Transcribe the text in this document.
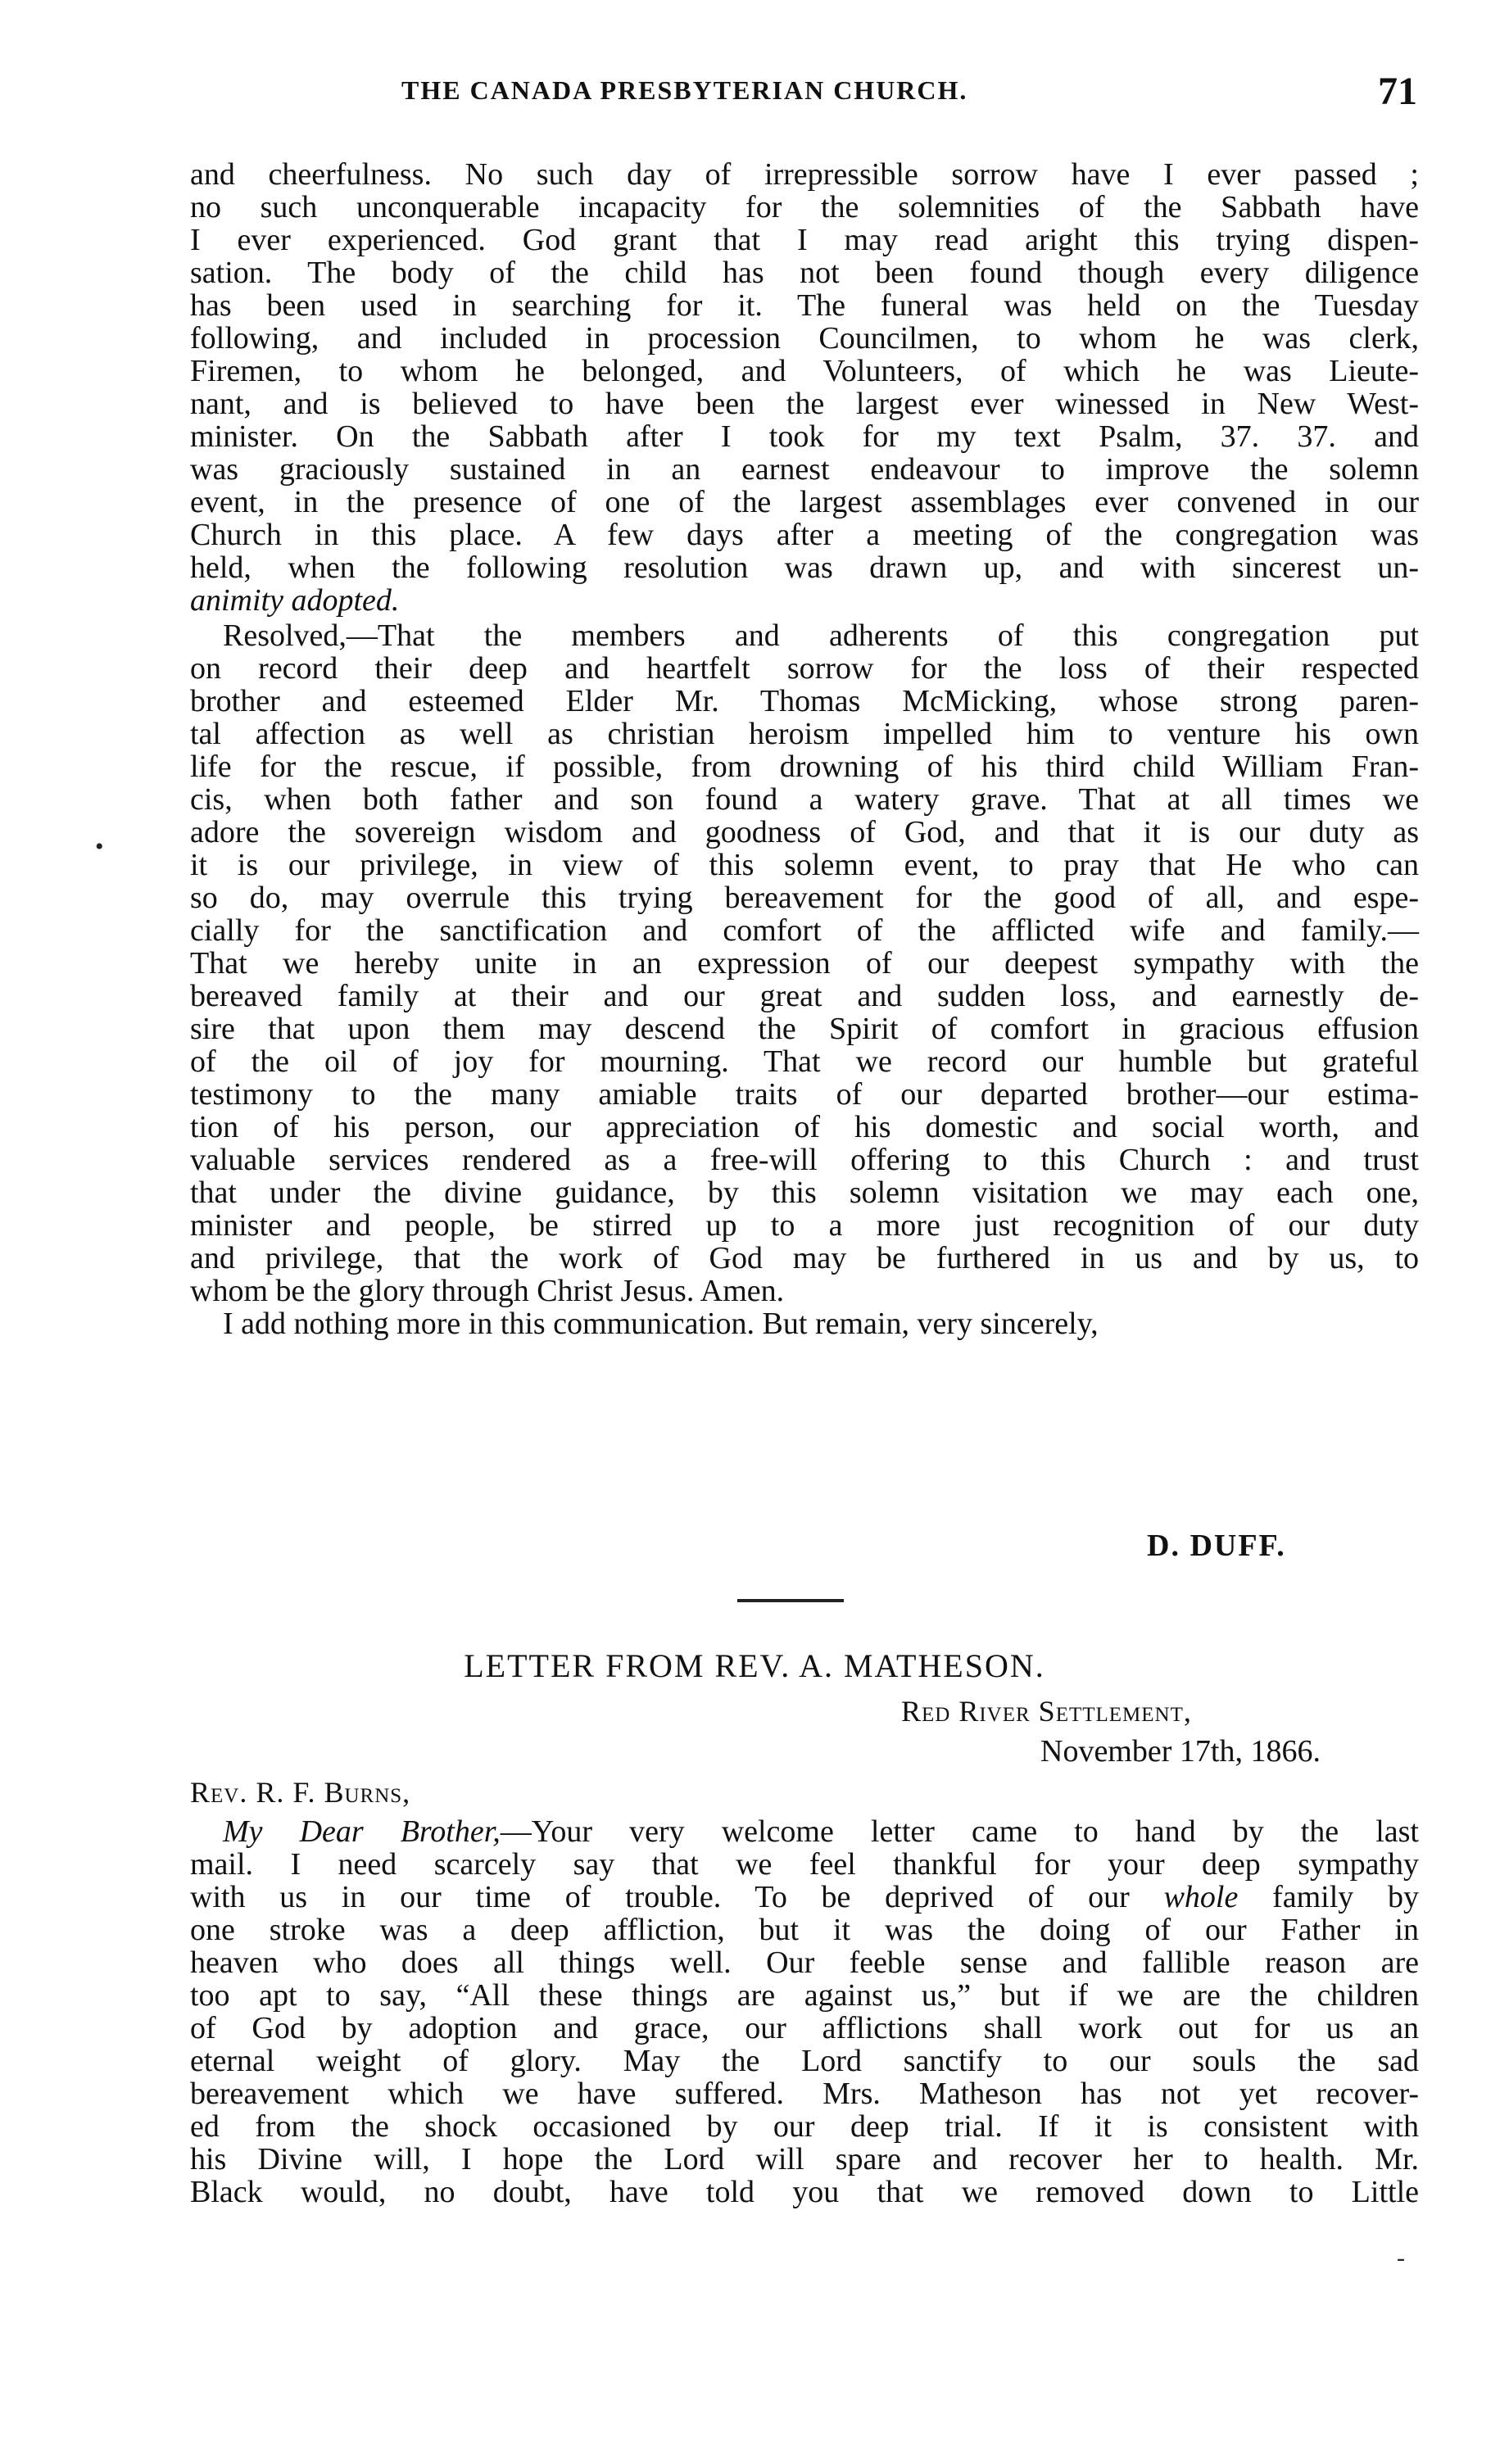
THE CANADA PRESBYTERIAN CHURCH.	71
and cheerfulness. No such day of irrepressible sorrow have I ever passed ;
no such unconquerable incapacity for the solemnities of the Sabbath have
I ever experienced. God grant that I may read aright this trying dispen-
sation. The body of the child has not been found though every diligence
has been used in searching for it. The funeral was held on the Tuesday
following, and included in procession Councilmen, to whom he was clerk,
Firemen, to whom he belonged, and Volunteers, of which he was Lieute-
nant, and is believed to have been the largest ever winessed in New West-
minister. On the Sabbath after I took for my text Psalm, 37. 37. and
was graciously sustained in an earnest endeavour to improve the solemn
event, in the presence of one of the largest assemblages ever convened in our
Church in this place. A few days after a meeting of the congregation was
held, when the following resolution was drawn up, and with sincerest un-
animity adopted.
Resolved,—That the members and adherents of this congregation put
on record their deep and heartfelt sorrow for the loss of their respected
brother and esteemed Elder Mr. Thomas McMicking, whose strong paren-
tal affection as well as christian heroism impelled him to venture his own
life for the rescue, if possible, from drowning of his third child William Fran-
cis, when both father and son found a watery grave. That at all times we
adore the sovereign wisdom and goodness of God, and that it is our duty as
it is our privilege, in view of this solemn event, to pray that He who can
so do, may overrule this trying bereavement for the good of all, and espe-
cially for the sanctification and comfort of the afflicted wife and family.—
That we hereby unite in an expression of our deepest sympathy with the
bereaved family at their and our great and sudden loss, and earnestly de-
sire that upon them may descend the Spirit of comfort in gracious effusion
of the oil of joy for mourning. That we record our humble but grateful
testimony to the many amiable traits of our departed brother—our estima-
tion of his person, our appreciation of his domestic and social worth, and
valuable services rendered as a free-will offering to this Church : and trust
that under the divine guidance, by this solemn visitation we may each one,
minister and people, be stirred up to a more just recognition of our duty
and privilege, that the work of God may be furthered in us and by us, to
whom be the glory through Christ Jesus. Amen.
I add nothing more in this communication. But remain, very sincerely,
D. DUFF.
•
‐
LETTER FROM REV. A. MATHESON.
Red River Settlement,
November 17th, 1866.
Rev. R. F. Burns,
My Dear Brother,—Your very welcome letter came to hand by the last
mail. I need scarcely say that we feel thankful for your deep sympathy
with us in our time of trouble. To be deprived of our whole family by
one stroke was a deep affliction, but it was the doing of our Father in
heaven who does all things well. Our feeble sense and fallible reason are
too apt to say, “All these things are against us,” but if we are the children
of God by adoption and grace, our afflictions shall work out for us an
eternal weight of glory. May the Lord sanctify to our souls the sad
bereavement which we have suffered. Mrs. Matheson has not yet recover-
ed from the shock occasioned by our deep trial. If it is consistent with
his Divine will, I hope the Lord will spare and recover her to health. Mr.
Black would, no doubt, have told you that we removed down to Little
